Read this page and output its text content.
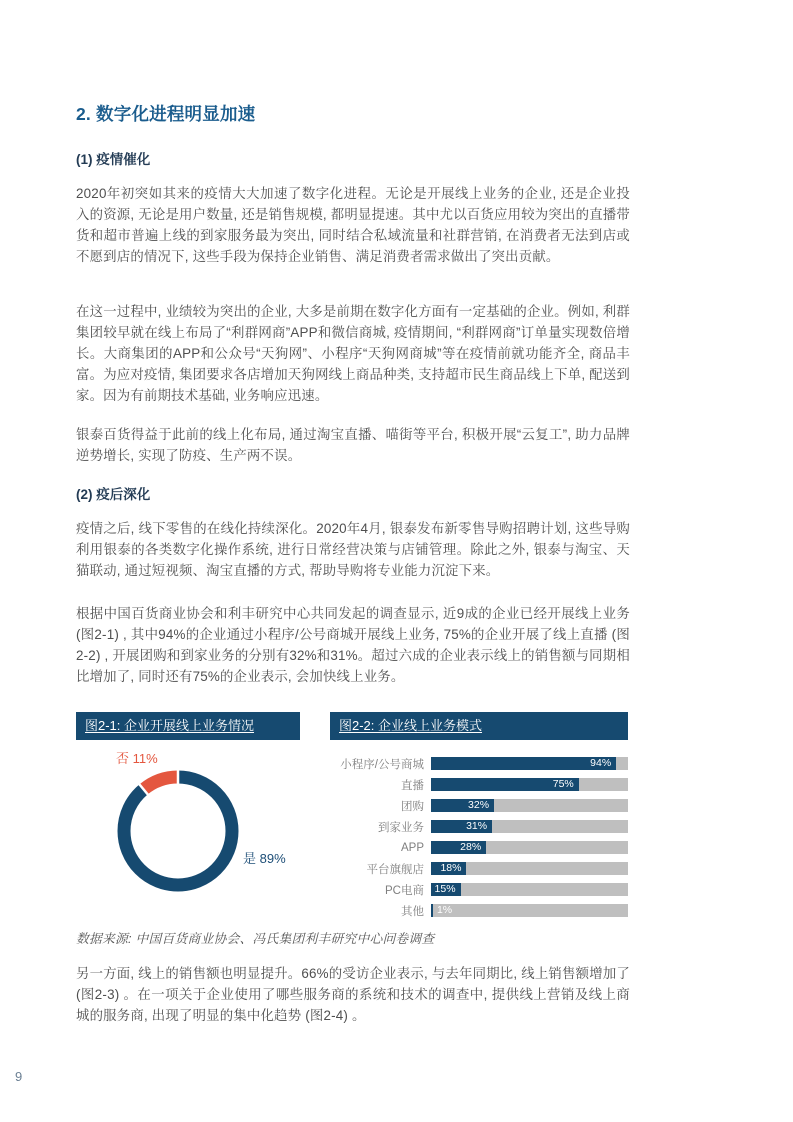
2. 数字化进程明显加速
(1) 疫情催化
2020年初突如其来的疫情大大加速了数字化进程。无论是开展线上业务的企业, 还是企业投入的资源, 无论是用户数量, 还是销售规模, 都明显提速。其中尤以百货应用较为突出的直播带货和超市普遍上线的到家服务最为突出, 同时结合私域流量和社群营销, 在消费者无法到店或不愿到店的情况下, 这些手段为保持企业销售、满足消费者需求做出了突出贡献。
在这一过程中, 业绩较为突出的企业, 大多是前期在数字化方面有一定基础的企业。例如, 利群集团较早就在线上布局了“利群网商”APP和微信商城, 疫情期间, “利群网商”订单量实现数倍增长。大商集团的APP和公众号“天狗网”、小程序“天狗网商城”等在疫情前就功能齐全, 商品丰富。为应对疫情, 集团要求各店增加天狗网线上商品种类, 支持超市民生商品线上下单, 配送到家。因为有前期技术基础, 业务响应迅速。
银泰百货得益于此前的线上化布局, 通过淘宝直播、喵街等平台, 积极开展“云复工”, 助力品牌逆势增长, 实现了防疫、生产两不误。
(2) 疫后深化
疫情之后, 线下零售的在线化持续深化。2020年4月, 银泰发布新零售导购招聘计划, 这些导购利用银泰的各类数字化操作系统, 进行日常经营决策与店铺管理。除此之外, 银泰与淘宝、天猫联动, 通过短视频、淘宝直播的方式, 帮助导购将专业能力沉淀下来。
根据中国百货商业协会和利丰研究中心共同发起的调查显示, 近9成的企业已经开展线上业务 (图2-1) , 其中94%的企业通过小程序/公号商城开展线上业务, 75%的企业开展了线上直播 (图2-2) , 开展团购和到家业务的分别有32%和31%。超过六成的企业表示线上的销售额与同期相比增加了, 同时还有75%的企业表示, 会加快线上业务。
图2-1: 企业开展线上业务情况
否 11%
是 89%
图2-2: 企业线上业务模式
小程序/公号商城	94%
直播	75%
团购	32%
到家业务	31%
APP	28%
平台旗舰店	18%
PC电商	15%
其他	1%
数据来源: 中国百货商业协会、冯氏集团利丰研究中心问卷调查
另一方面, 线上的销售额也明显提升。66%的受访企业表示, 与去年同期比, 线上销售额增加了 (图2-3) 。在一项关于企业使用了哪些服务商的系统和技术的调查中, 提供线上营销及线上商城的服务商, 出现了明显的集中化趋势 (图2-4) 。
9
